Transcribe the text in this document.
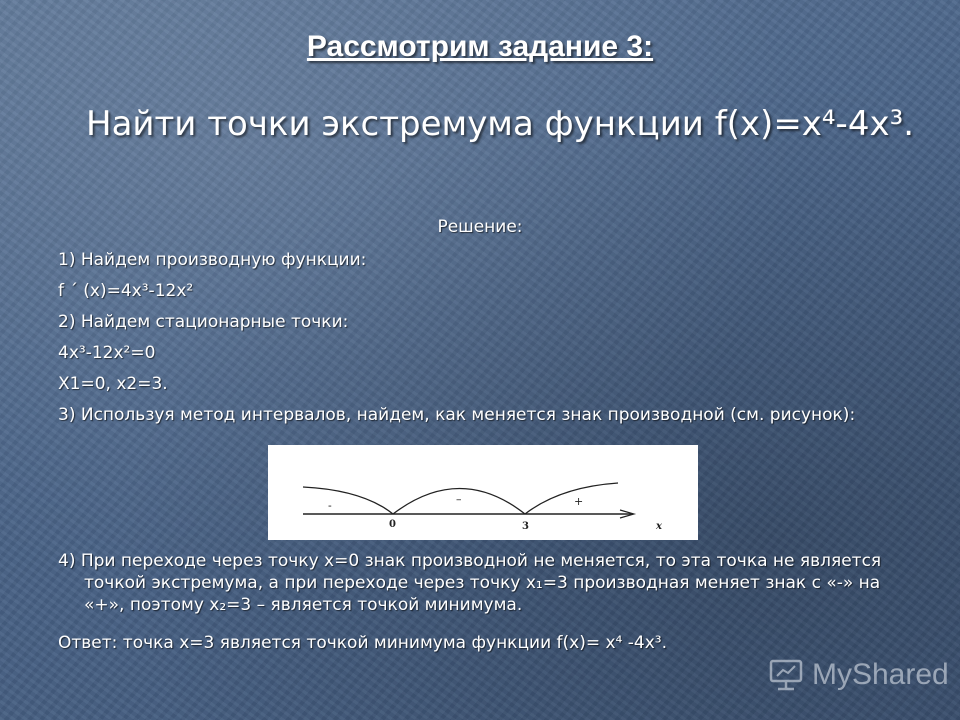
Рассмотрим задание 3:
Найти точки экстремума функции f(x)=x⁴-4x³.
Решение:
1) Найдем производную функции:
f ´ (x)=4x³-12x²
2) Найдем стационарные точки:
4x³-12x²=0
X1=0, x2=3.
3) Используя метод интервалов, найдем, как меняется знак производной (см. рисунок):
-	–	+
0	3	x
4) При переходе через точку x=0 знак производной не меняется, то эта точка не является точкой экстремума, а при переходе через точку x₁=3 производная меняет знак с «-» на «+», поэтому x₂=3 – является точкой минимума.
Ответ: точка x=3 является точкой минимума функции f(x)= x⁴ -4x³.
MyShared
